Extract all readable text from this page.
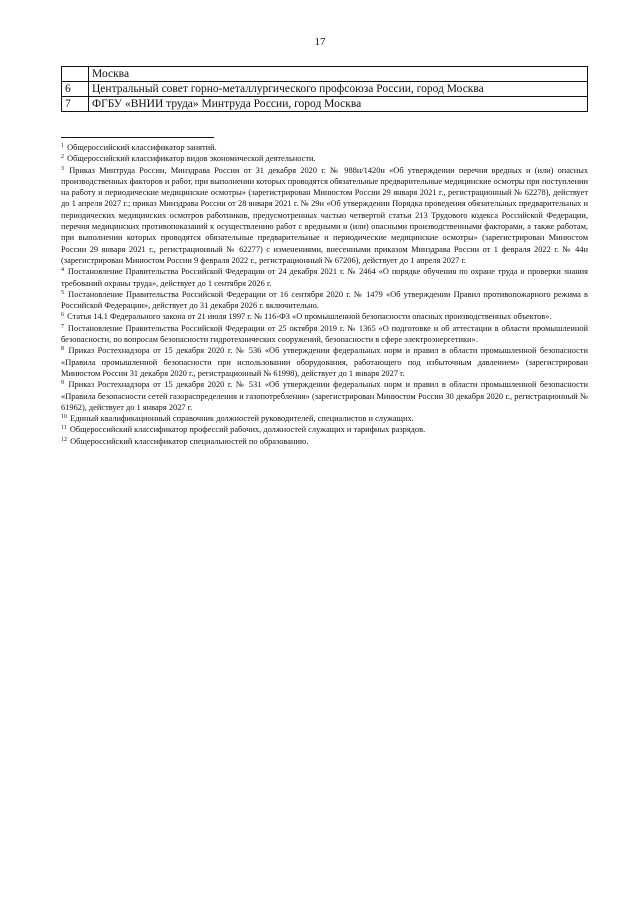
17
	Москва
6	Центральный совет горно-металлургического профсоюза России, город Москва
7	ФГБУ «ВНИИ труда» Минтруда России, город Москва

$^1$ Общероссийский классификатор занятий.

$^2$ Общероссийский классификатор видов экономической деятельности.

$^3$ Приказ Минтруда России, Минздрава России от 31 декабря 2020 г. № 988н/1420н «Об утверждении перечня вредных и (или) опасных производственных факторов и работ, при выполнении которых проводятся обязательные предварительные медицинские осмотры при поступлении на работу и периодические медицинские осмотры» (зарегистрирован Минюстом России 29 января 2021 г., регистрационный № 62278), действует до 1 апреля 2027 г.; приказ Минздрава России от 28 января 2021 г. № 29н «Об утверждении Порядка проведения обязательных предварительных и периодических медицинских осмотров работников, предусмотренных частью четвертой статьи 213 Трудового кодекса Российской Федерации, перечня медицинских противопоказаний к осуществлению работ с вредными и (или) опасными производственными факторами, а также работам, при выполнении которых проводятся обязательные предварительные и периодические медицинские осмотры» (зарегистрирован Минюстом России 29 января 2021 г., регистрационный № 62277) с изменениями, внесенными приказом Минздрава России от 1 февраля 2022 г. № 44н (зарегистрирован Минюстом России 9 февраля 2022 г., регистрационный № 67206), действует до 1 апреля 2027 г.

$^4$ Постановление Правительства Российской Федерации от 24 декабря 2021 г. № 2464 «О порядке обучения по охране труда и проверки знания требований охраны труда», действует до 1 сентября 2026 г.

$^5$ Постановление Правительства Российской Федерации от 16 сентября 2020 г. № 1479 «Об утверждении Правил противопожарного режима в Российской Федерации», действует до 31 декабря 2026 г. включительно.

$^6$ Статья 14.1 Федерального закона от 21 июля 1997 г. № 116-ФЗ «О промышленной безопасности опасных производственных объектов».

$^7$ Постановление Правительства Российской Федерации от 25 октября 2019 г. № 1365 «О подготовке и об аттестации в области промышленной безопасности, по вопросам безопасности гидротехнических сооружений, безопасности в сфере электроэнергетики».

$^8$ Приказ Ростехнадзора от 15 декабря 2020 г. № 536 «Об утверждении федеральных норм и правил в области промышленной безопасности «Правила промышленной безопасности при использовании оборудования, работающего под избыточным давлением» (зарегистрирован Минюстом России 31 декабря 2020 г., регистрационный № 61998), действует до 1 января 2027 г.

$^9$ Приказ Ростехнадзора от 15 декабря 2020 г. № 531 «Об утверждении федеральных норм и правил в области промышленной безопасности «Правила безопасности сетей газораспределения и газопотребления» (зарегистрирован Минюстом России 30 декабря 2020 г., регистрационный № 61962), действует до 1 января 2027 г.

$^{10}$ Единый квалификационный справочник должностей руководителей, специалистов и служащих.

$^{11}$ Общероссийский классификатор профессий рабочих, должностей служащих и тарифных разрядов.

$^{12}$ Общероссийский классификатор специальностей по образованию.
